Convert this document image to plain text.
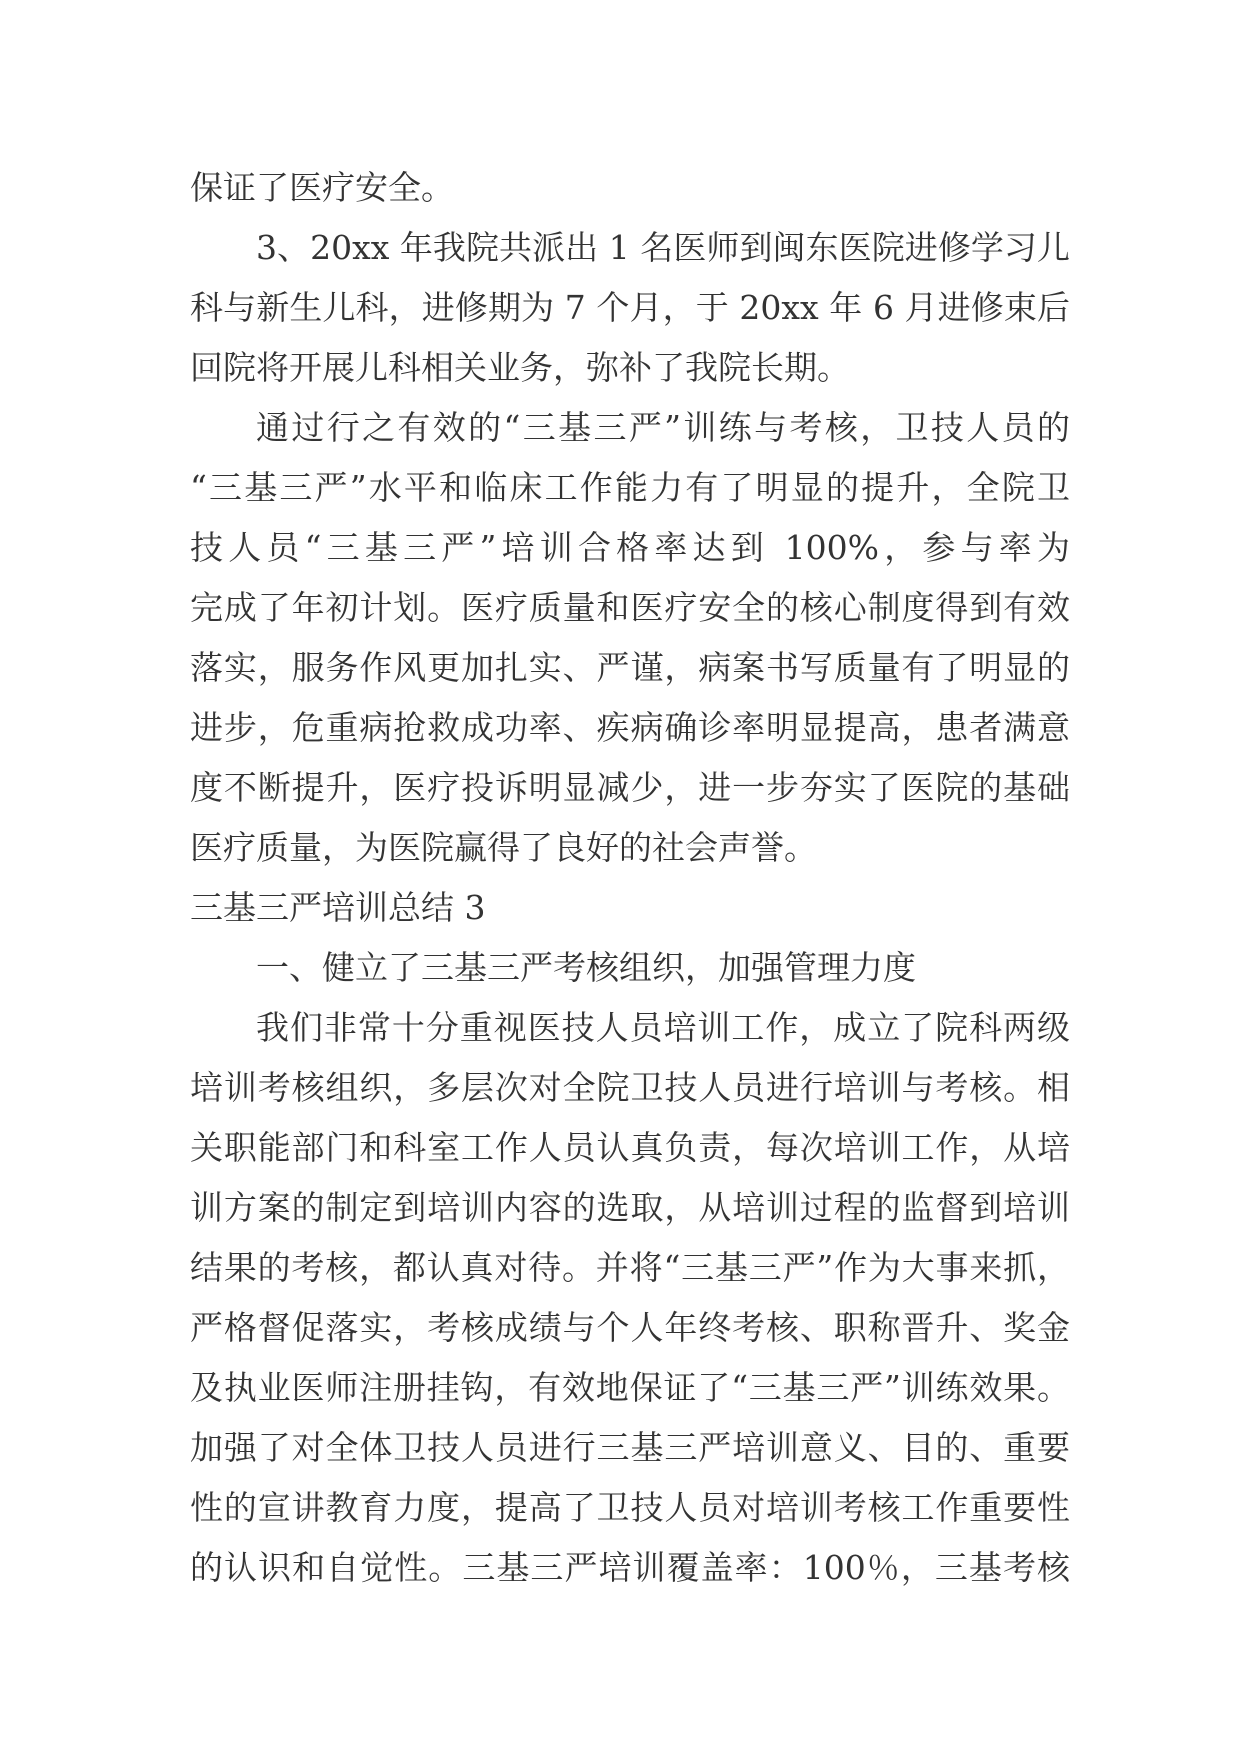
保证了医疗安全。
3、20xx 年我院共派出 1 名医师到闽东医院进修学习儿
科与新生儿科，进修期为 7 个月，于 20xx 年 6 月进修束后
回院将开展儿科相关业务，弥补了我院长期。
通过行之有效的“三基三严”训练与考核，卫技人员的
“三基三严”水平和临床工作能力有了明显的提升，全院卫
技人员“三基三严”培训合格率达到 100%，参与率为
完成了年初计划。医疗质量和医疗安全的核心制度得到有效
落实，服务作风更加扎实、严谨，病案书写质量有了明显的
进步，危重病抢救成功率、疾病确诊率明显提高，患者满意
度不断提升，医疗投诉明显减少，进一步夯实了医院的基础
医疗质量，为医院赢得了良好的社会声誉。
三基三严培训总结 3
一、健立了三基三严考核组织，加强管理力度
我们非常十分重视医技人员培训工作，成立了院科两级
培训考核组织，多层次对全院卫技人员进行培训与考核。相
关职能部门和科室工作人员认真负责，每次培训工作，从培
训方案的制定到培训内容的选取，从培训过程的监督到培训
结果的考核，都认真对待。并将“三基三严”作为大事来抓，
严格督促落实，考核成绩与个人年终考核、职称晋升、奖金
及执业医师注册挂钩，有效地保证了“三基三严”训练效果。
加强了对全体卫技人员进行三基三严培训意义、目的、重要
性的宣讲教育力度，提高了卫技人员对培训考核工作重要性
的认识和自觉性。三基三严培训覆盖率：100％，三基考核
